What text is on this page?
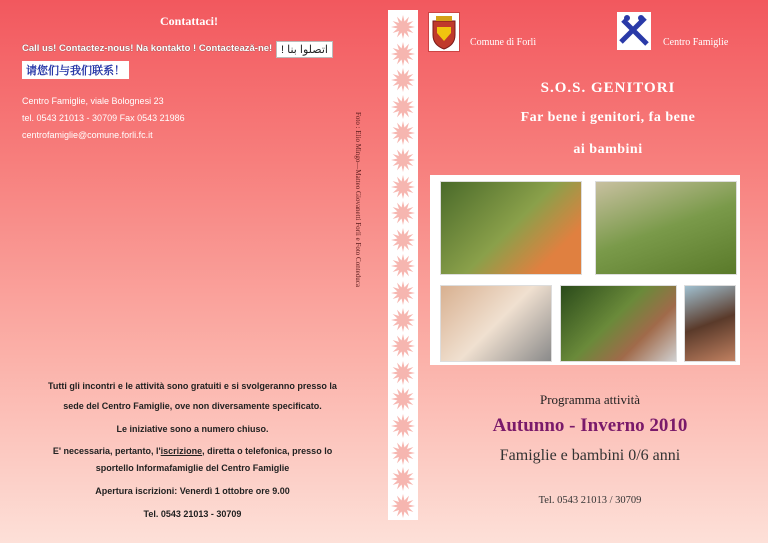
Contattaci!
Call us! Contactez-nous! Na kontakto ! Contacteazǎ-ne! اتصلوا بنا !
请您们与我们联系！
Centro Famiglie, viale Bolognesi 23
tel. 0543 21013 - 30709 Fax 0543 21986
centrofamiglie@comune.forli.fc.it	Foto : Elio Mingo—Matteo Giovanetti Forlì e Foto Conteduca
Tutti gli incontri e le attività sono gratuiti e si svolgeranno presso la
sede del Centro Famiglie, ove non diversamente specificato.
Le iniziative sono a numero chiuso.
E' necessaria, pertanto, l'iscrizione, diretta o telefonica, presso lo
sportello Informafamiglie del Centro Famiglie
Apertura iscrizioni: Venerdì 1 ottobre ore 9.00
Tel. 0543 21013 - 30709
Comune di Forlì	Centro Famiglie
S.O.S. GENITORI
Far bene i genitori, fa bene
ai bambini
Programma attività
Autunno - Inverno 2010
Famiglie e bambini 0/6 anni
Tel. 0543 21013 / 30709
